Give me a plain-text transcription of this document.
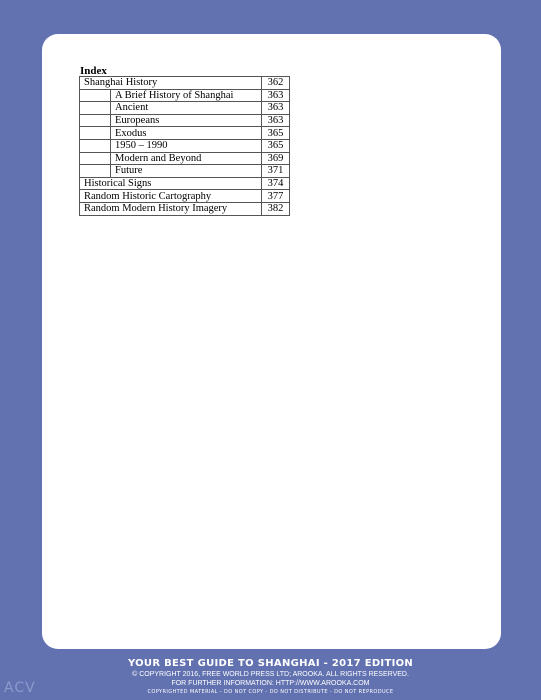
Index
Shanghai History		362
	A Brief History of Shanghai	363
	Ancient	363
	Europeans	363
	Exodus	365
	1950 – 1990	365
	Modern and Beyond	369
	Future	371
Historical Signs		374
Random Historic Cartography		377
Random Modern History Imagery		382
YOUR BEST GUIDE TO SHANGHAI - 2017 EDITION
© COPYRIGHT 2016, FREE WORLD PRESS LTD; AROOKA. ALL RIGHTS RESERVED.
FOR FURTHER INFORMATION: HTTP://WWW.AROOKA.COM
COPYRIGHTED MATERIAL - DO NOT COPY - DO NOT DISTRIBUTE - DO NOT REPRODUCE
ACV
